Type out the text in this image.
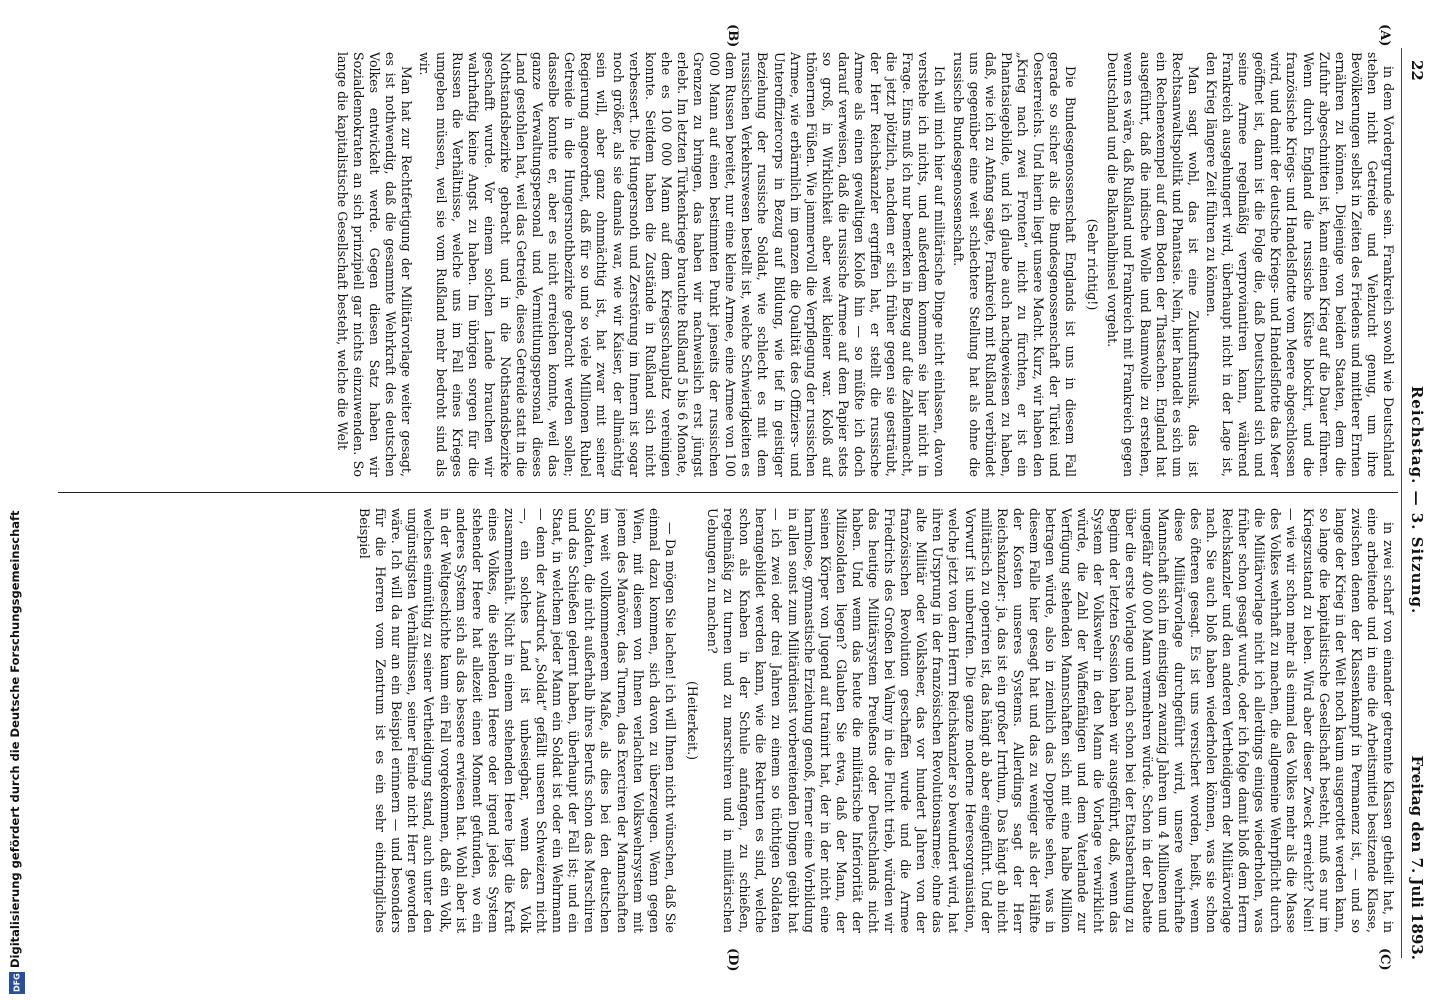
22
Reichstag. — 3. Sitzung.
Freitag den 7. Juli 1893.
(A)
(B)
(C)
(D)

in dem Vordergrunde sein. Frankreich sowohl wie Deutschland stehen nicht Getreide und Viehzucht genug, um ihre Bevölkerungen selbst in Zeiten des Friedens und mittlerer Ernten ernähren zu können. Diejenige von beiden Staaten, dem die Zufuhr abgeschnitten ist, kann einen Krieg auf die Dauer führen. Wenn durch England die russische Küste blockirt, und die französische Kriegs- und Handelsflotte vom Meere abgeschlossen wird, und damit der deutsche Kriegs- und Handelsflotte das Meer geöffnet ist, dann ist die Folge die, daß Deutschland sich und seine Armee regelmäßig verproviantiren kann, während Frankreich ausgehungert wird, überhaupt nicht in der Lage ist, den Krieg längere Zeit führen zu können.

Man sagt wohl, das ist eine Zukunftsmusik, das ist Rechtsanwaltspolitik und Phantasie. Nein, hier handelt es sich um ein Rechenexempel auf dem Boden der Thatsachen. England hat ausgeführt, daß die indische Wolle und Baumwolle zu erstehen, wenn es wäre, daß Rußland und Frankreich mit Frankreich gegen Deutschland und die Balkanhalbinsel vorgeht.

(Sehr richtig!)

Die Bundesgenossenschaft Englands ist uns in diesem Fall gerade so sicher als die Bundesgenossenschaft der Türkei und Oesterreichs. Und hierin liegt unsere Macht. Kurz, wir haben den „Krieg nach zwei Fronten“ nicht zu fürchten, er ist ein Phantasiegebilde, und ich glaube auch nachgewiesen zu haben, daß, wie ich zu Anfang sagte, Frankreich mit Rußland verbündet uns gegenüber eine weit schlechtere Stellung hat als ohne die russische Bundesgenossenschaft.

Ich will mich hier auf militärische Dinge nicht einlassen, davon verstehe ich nichts, und außerdem kommen sie hier nicht in Frage. Eins muß ich nur bemerken in Bezug auf die Zahlenmacht, die jetzt plötzlich, nachdem er sich früher gegen sie gesträubt, der Herr Reichskanzler ergriffen hat, er stellt die russische Armee als einen gewaltigen Koloß hin — so müßte ich doch darauf verweisen, daß die russische Armee auf dem Papier stets so groß, in Wirklichkeit aber weit kleiner war. Koloß auf thönernen Füßen. Wie jammervoll die Verpflegung der russischen Armee, wie erbärmlich im ganzen die Qualität des Offiziers- und Unteroffiziercorps in Bezug auf Bildung, wie tief in geistiger Beziehung der russische Soldat, wie schlecht es mit dem russischen Verkehrswesen bestellt ist, welche Schwierigkeiten es dem Russen bereitet, nur eine kleine Armee, eine Armee von 100 000 Mann auf einen bestimmten Punkt jenseits der russischen Grenzen zu bringen, das haben wir nachweislich erst jüngst erlebt. Im letzten Türkenkriege brauchte Rußland 5 bis 6 Monate, ehe es 100 000 Mann auf dem Kriegsschauplatz vereinigen konnte. Seitdem haben die Zustände in Rußland sich nicht verbessert. Die Hungersnoth und Zerstörung im Innern ist sogar noch größer, als sie damals war, wie wir Kaiser, der allmächtig sein will, aber ganz ohnmächtig ist, hat zwar mit seiner Regierung angeordnet, daß für so und so viele Millionen Rubel Getreide in die Hungersnothbezirke gebracht werden sollen; dasselbe konnte er, aber es nicht erreichen konnte, weil das ganze Verwaltungspersonal und Vermittlungspersonal dieses Land gestohlen hat, weil das Getreide, dieses Getreide statt in die Nothstandsbezirke gebracht und in die Nothstandsbezirke geschafft wurde. Vor einem solchen Lande brauchen wir wahrhaftig keine Angst zu haben. Im übrigen sorgen für die Russen die Verhältnisse, welche uns im Fall eines Krieges umgeben müssen, weil sie vom Rußland mehr bedroht sind als wir.

Man hat zur Rechtfertigung der Militärvorlage weiter gesagt, es ist nothwendig, daß die gesammte Wehrkraft des deutschen Volkes entwickelt werde. Gegen diesen Satz haben wir Sozialdemokraten an sich prinzipiell gar nichts einzuwenden. So lange die kapitalistische Gesellschaft besteht, welche die Welt

in zwei scharf von einander getrennte Klassen getheilt hat, in eine arbeitende und in eine die Arbeitsmittel besitzende Klasse, zwischen denen der Klassenkampf in Permanenz ist, — und so lange der Krieg in der Welt noch kaum ausgerottet werden kann, so lange die kapitalistische Gesellschaft besteht, muß es nur im Kriegszustand zu leben. Wird aber dieser Zweck erreicht? Nein! — wie wir schon mehr als einmal des Volkes mehr als die Masse des Volkes wehrhaft zu machen, die allgemeine Wehrpflicht durch die Militärvorlage nicht ich allerdings einiges wiederholen, was früher schon gesagt wurde, oder ich folge damit bloß dem Herrn Reichskanzler und den anderen Vertheidigern der Militärvorlage nach. Sie auch bloß haben wiederholen können, was sie schon des öfteren gesagt. Es ist uns versichert worden, heißt, wenn diese Militärvorlage durchgeführt wird, unsere wehrhafte Mannschaft sich im einstigen zwanzig Jahren um 4 Millionen und ungefähr 400 000 Mann vermehren würde. Schon in der Debatte über die erste Vorlage und nach schon bei der Etatsberathung zu Beginn der letzten Session haben wir ausgeführt, daß, wenn das System der Volkswehr in den Mann die Vorlage verwirklicht würde, die Zahl der Waffenfähigen und dem Vaterlande zur Verfügung stehenden Mannschaften sich mit eine halbe Million betragen würde, also in ziemlich das Doppelte sehen, was in diesem Falle hier gesagt hat und das zu weniger als der Hälfte der Kosten unseres Systems. Allerdings sagt der Herr Reichskanzler: ja, das ist ein großer Irrthum, Das hängt ab nicht militärisch zu operiren ist, das hängt ab aber eingeführt. Und der Vorwurf ist unberufen. Die ganze moderne Heeresorganisation, welche jetzt von dem Herrn Reichskanzler so bewundert wird, hat ihren Ursprung in der französischen Revolutionsarmee; ohne das alte Militär oder Volksheer, das vor hundert Jahren von der französischen Revolution geschaffen wurde und die Armee Friedrichs des Großen bei Valmy in die Flucht trieb, würden wir das heutige Militärsystem Preußens oder Deutschlands nicht haben. Und wenn das heute die militärische Inferiorität der Milizsoldaten liegen? Glauben Sie etwa, daß der Mann, der seinen Körper von Jugend auf trainirt hat, der in der nicht eine harmlose, gymnastische Erziehung genoß, ferner eine Vorbildung in allen sonst zum Militärdienst vorbereitenden Dingen geübt hat — ich zwei oder drei Jahren zu einem so tüchtigen Soldaten herangebildet werden kann, wie die Rekruten es sind, welche schon als Knaben in der Schule anfangen, zu schießen, regelmäßig zu turnen und zu marschiren und in militärischen Uebungen zu machen?

(Heiterkeit.)

— Da mögen Sie lachen! ich will Ihnen nicht wünschen, daß Sie einmal dazu kommen, sich davon zu überzeugen. Wenn gegen Wien, mit diesem von Ihnen verlachten Volkswehrsystem mit jenem des Manöver, das Turnen, das Exerciren der Mannschaften im weit vollkommenerem Maße, als dies bei den deutschen Soldaten, die nicht außerhalb ihres Berufs schon das Marschiren und das Schießen gelernt haben, überhaupt der Fall ist; und ein Staat, in welchem jeder Mann ein Soldat ist oder ein Wehrmann — denn der Ausdruck „Soldat“ gefällt unseren Schweizern nicht —, ein solches Land ist unbesiegbar, wenn das Volk zusammenhält. Nicht in einem stehenden Heere liegt die Kraft eines Volkes, die stehenden Heere oder irgend jedes System stehender Heere hat allezeit einen Moment gefunden, wo ein anderes System sich als das bessere erwiesen hat. Wohl aber ist in der Weltgeschichte kaum ein Fall vorgekommen, daß ein Volk, welches einmüthig zu seiner Vertheidigung stand, auch unter den ungünstigsten Verhältnissen, seiner Feinde nicht Herr geworden wäre. Ich will da nur an ein Beispiel erinnern — und besonders für die Herren vom Zentrum ist es ein sehr eindringliches Beispiel

Digitalisierung gefördert durch die Deutsche Forschungsgemeinschaft
DFG
